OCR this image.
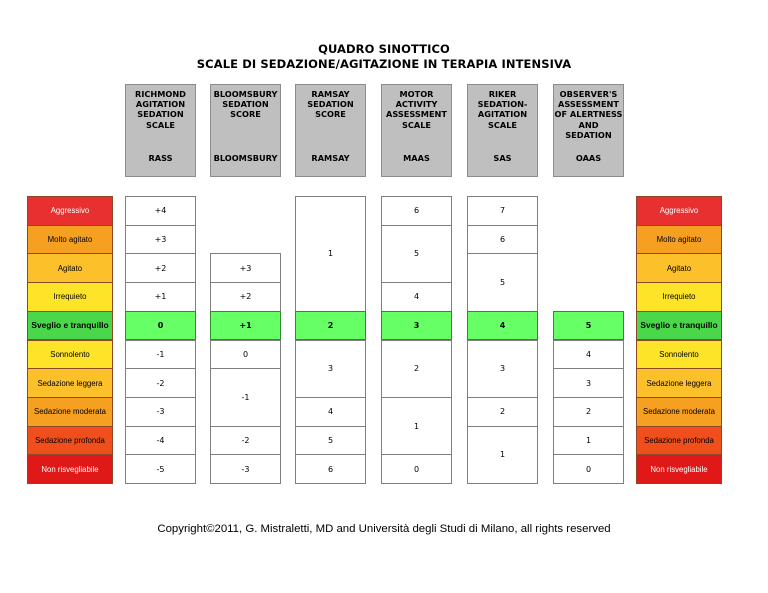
QUADRO SINOTTICO
SCALE DI SEDAZIONE/AGITAZIONE IN TERAPIA INTENSIVA
RICHMOND
AGITATION
SEDATION
SCALE
RASS
BLOOMSBURY
SEDATION
SCORE
BLOOMSBURY
RAMSAY
SEDATION
SCORE
RAMSAY
MOTOR
ACTIVITY
ASSESSMENT
SCALE
MAAS
RIKER
SEDATION-
AGITATION
SCALE
SAS
OBSERVER'S
ASSESSMENT
OF ALERTNESS
AND SEDATION
OAAS
Aggressivo
Molto agitato
Agitato
Irrequieto
Sveglio e tranquillo
Sonnolento
Sedazione leggera
Sedazione moderata
Sedazione profonda
Non risvegliabile
Aggressivo
Molto agitato
Agitato
Irrequieto
Sveglio e tranquillo
Sonnolento
Sedazione leggera
Sedazione moderata
Sedazione profonda
Non risvegliabile
+4
+3
+2
+1
0
-1
-2
-3
-4
-5
+3
+2
+1
0
-1
-2
-3
1
2
3
4
5
6
6
5
4
3
2
1
0
7
6
5
4
3
2
1
5
4
3
2
1
0
Copyright©2011, G. Mistraletti, MD and Università degli Studi di Milano, all rights reserved
